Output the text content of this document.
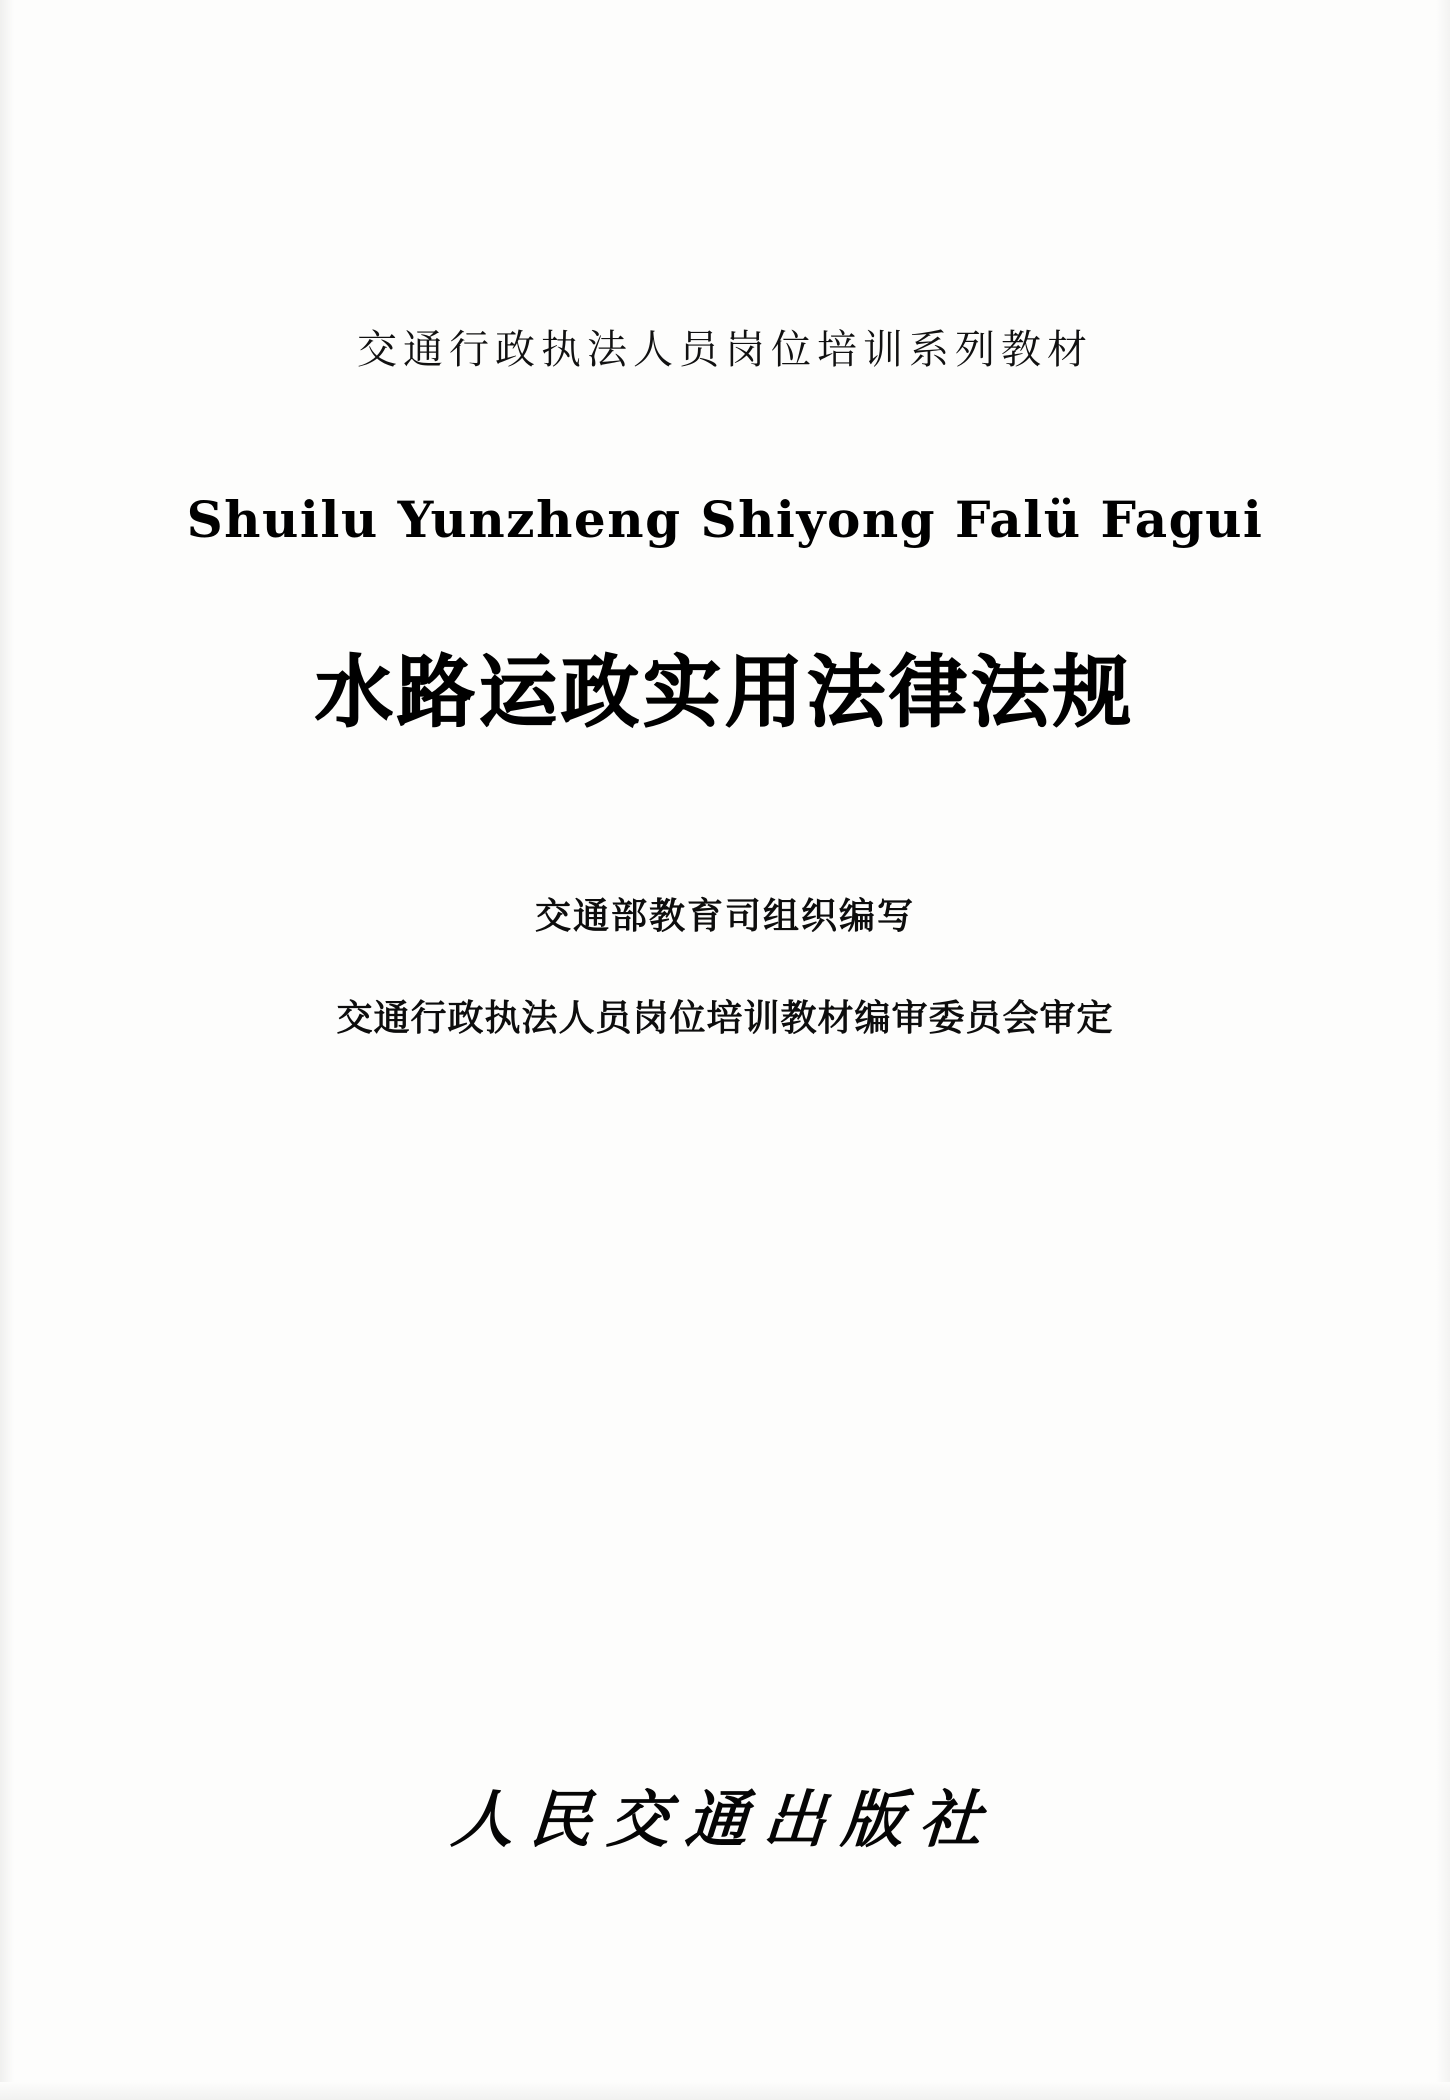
交通行政执法人员岗位培训系列教材
Shuilu Yunzheng Shiyong Falü Fagui
水路运政实用法律法规
交通部教育司组织编写
交通行政执法人员岗位培训教材编审委员会审定
人民交通出版社
